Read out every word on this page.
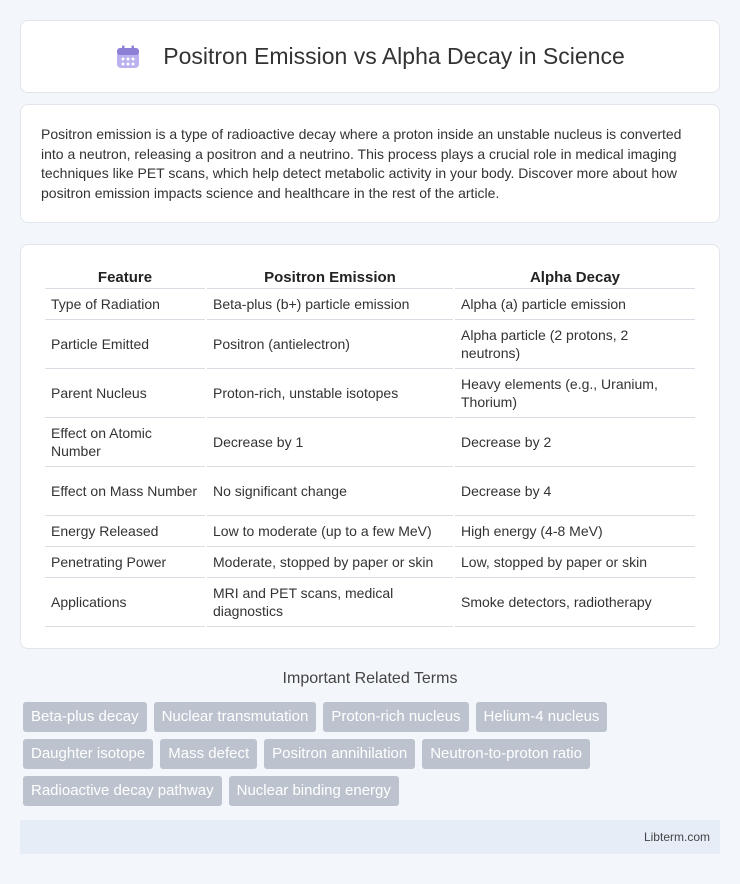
Positron Emission vs Alpha Decay in Science

Positron emission is a type of radioactive decay where a proton inside an unstable nucleus is converted into a neutron, releasing a positron and a neutrino. This process plays a crucial role in medical imaging techniques like PET scans, which help detect metabolic activity in your body. Discover more about how positron emission impacts science and healthcare in the rest of the article.

Feature	Positron Emission	Alpha Decay
Type of Radiation	Beta-plus (b+) particle emission	Alpha (a) particle emission
Particle Emitted	Positron (antielectron)	Alpha particle (2 protons, 2 neutrons)
Parent Nucleus	Proton-rich, unstable isotopes	Heavy elements (e.g., Uranium, Thorium)
Effect on Atomic Number	Decrease by 1	Decrease by 2
Effect on Mass Number	No significant change	Decrease by 4
Energy Released	Low to moderate (up to a few MeV)	High energy (4-8 MeV)
Penetrating Power	Moderate, stopped by paper or skin	Low, stopped by paper or skin
Applications	MRI and PET scans, medical diagnostics	Smoke detectors, radiotherapy
Important Related Terms
Beta-plus decay	Nuclear transmutation	Proton-rich nucleus	Helium-4 nucleus
Daughter isotope	Mass defect	Positron annihilation	Neutron-to-proton ratio
Radioactive decay pathway	Nuclear binding energy
Libterm.com
